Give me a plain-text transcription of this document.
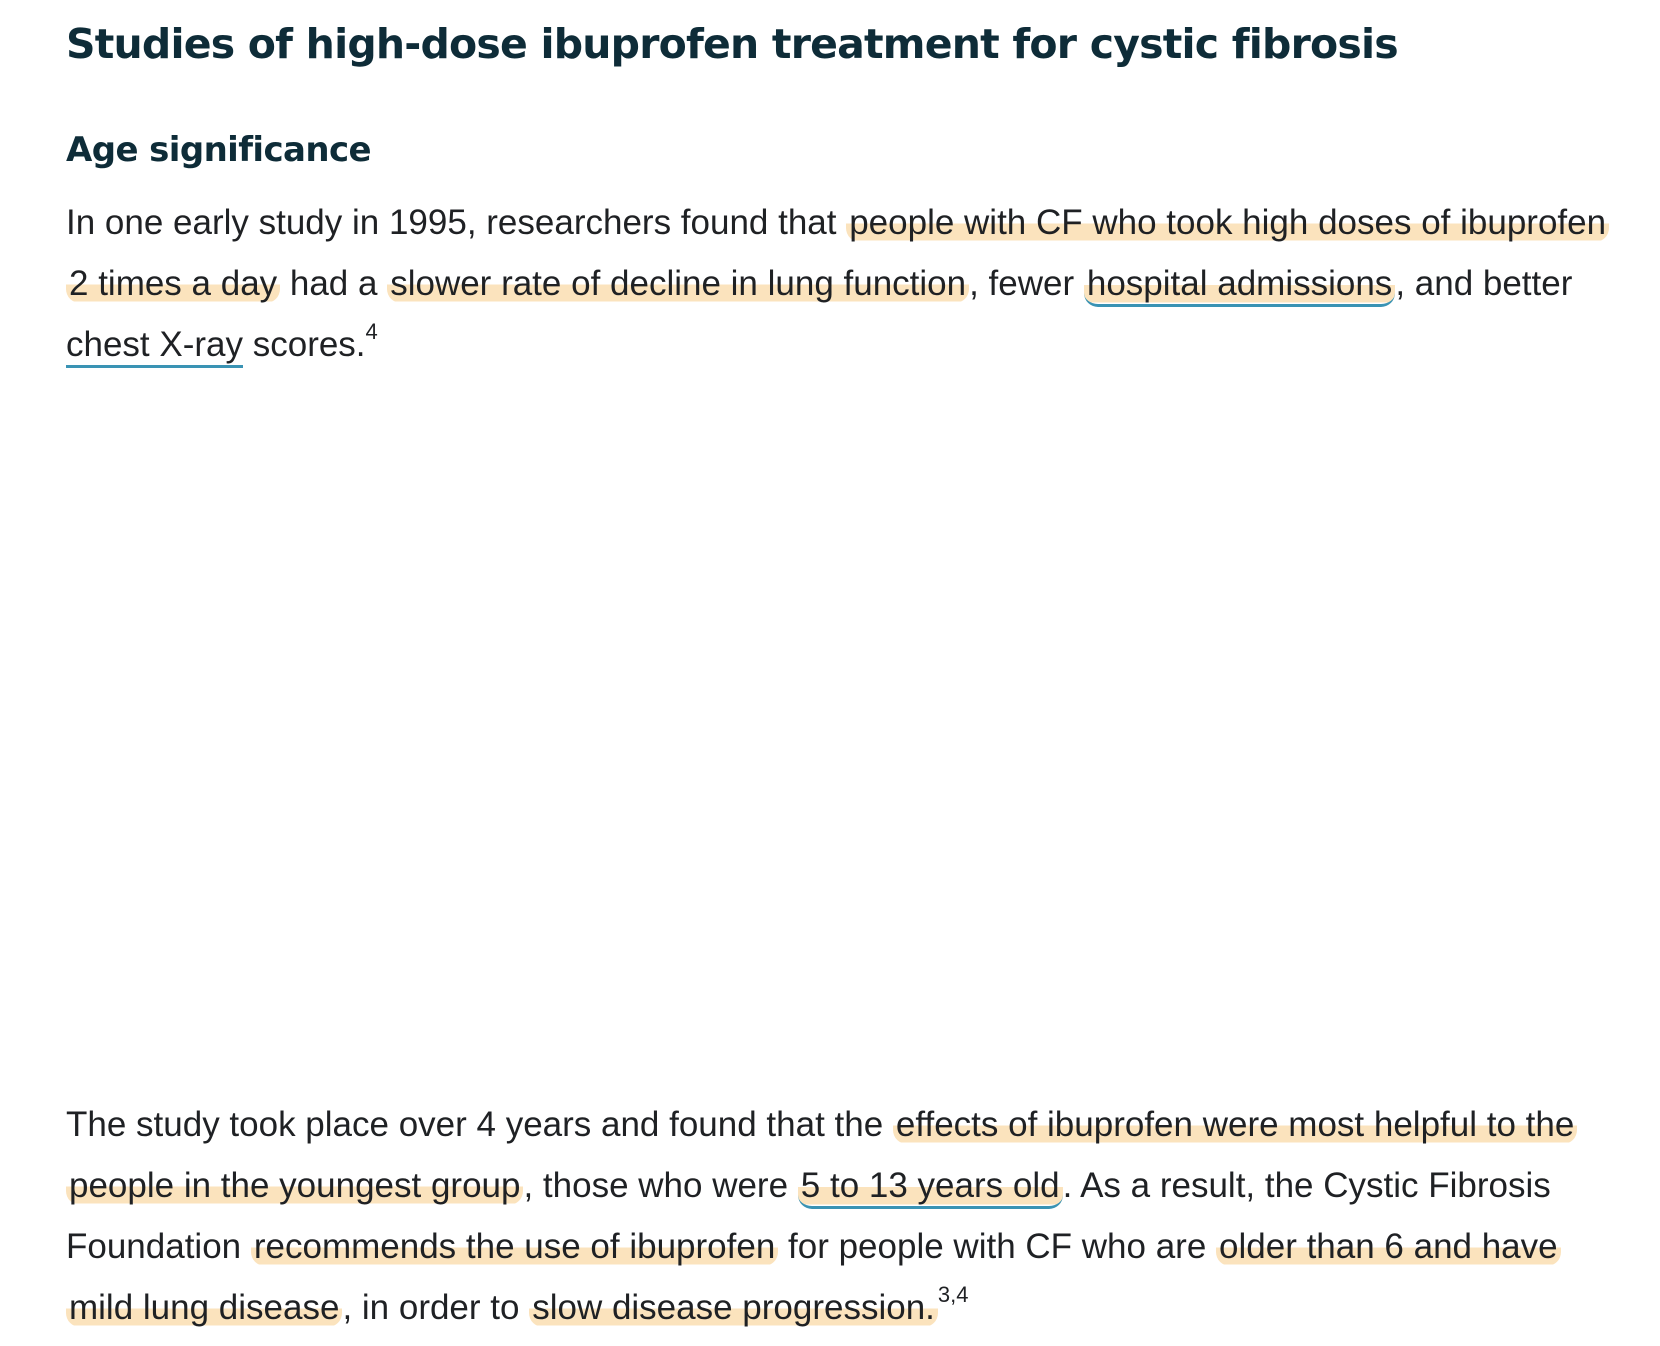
Studies of high-dose ibuprofen treatment for cystic fibrosis
Age significance

In one early study in 1995, researchers found that people with CF who took high doses of ibuprofen 2 times a day had a slower rate of decline in lung function, fewer hospital admissions, and better chest X-ray scores.$^4$

The study took place over 4 years and found that the effects of ibuprofen were most helpful to the people in the youngest group, those who were 5 to 13 years old. As a result, the Cystic Fibrosis Foundation recommends the use of ibuprofen for people with CF who are older than 6 and have mild lung disease, in order to slow disease progression. $^{3,4}$
